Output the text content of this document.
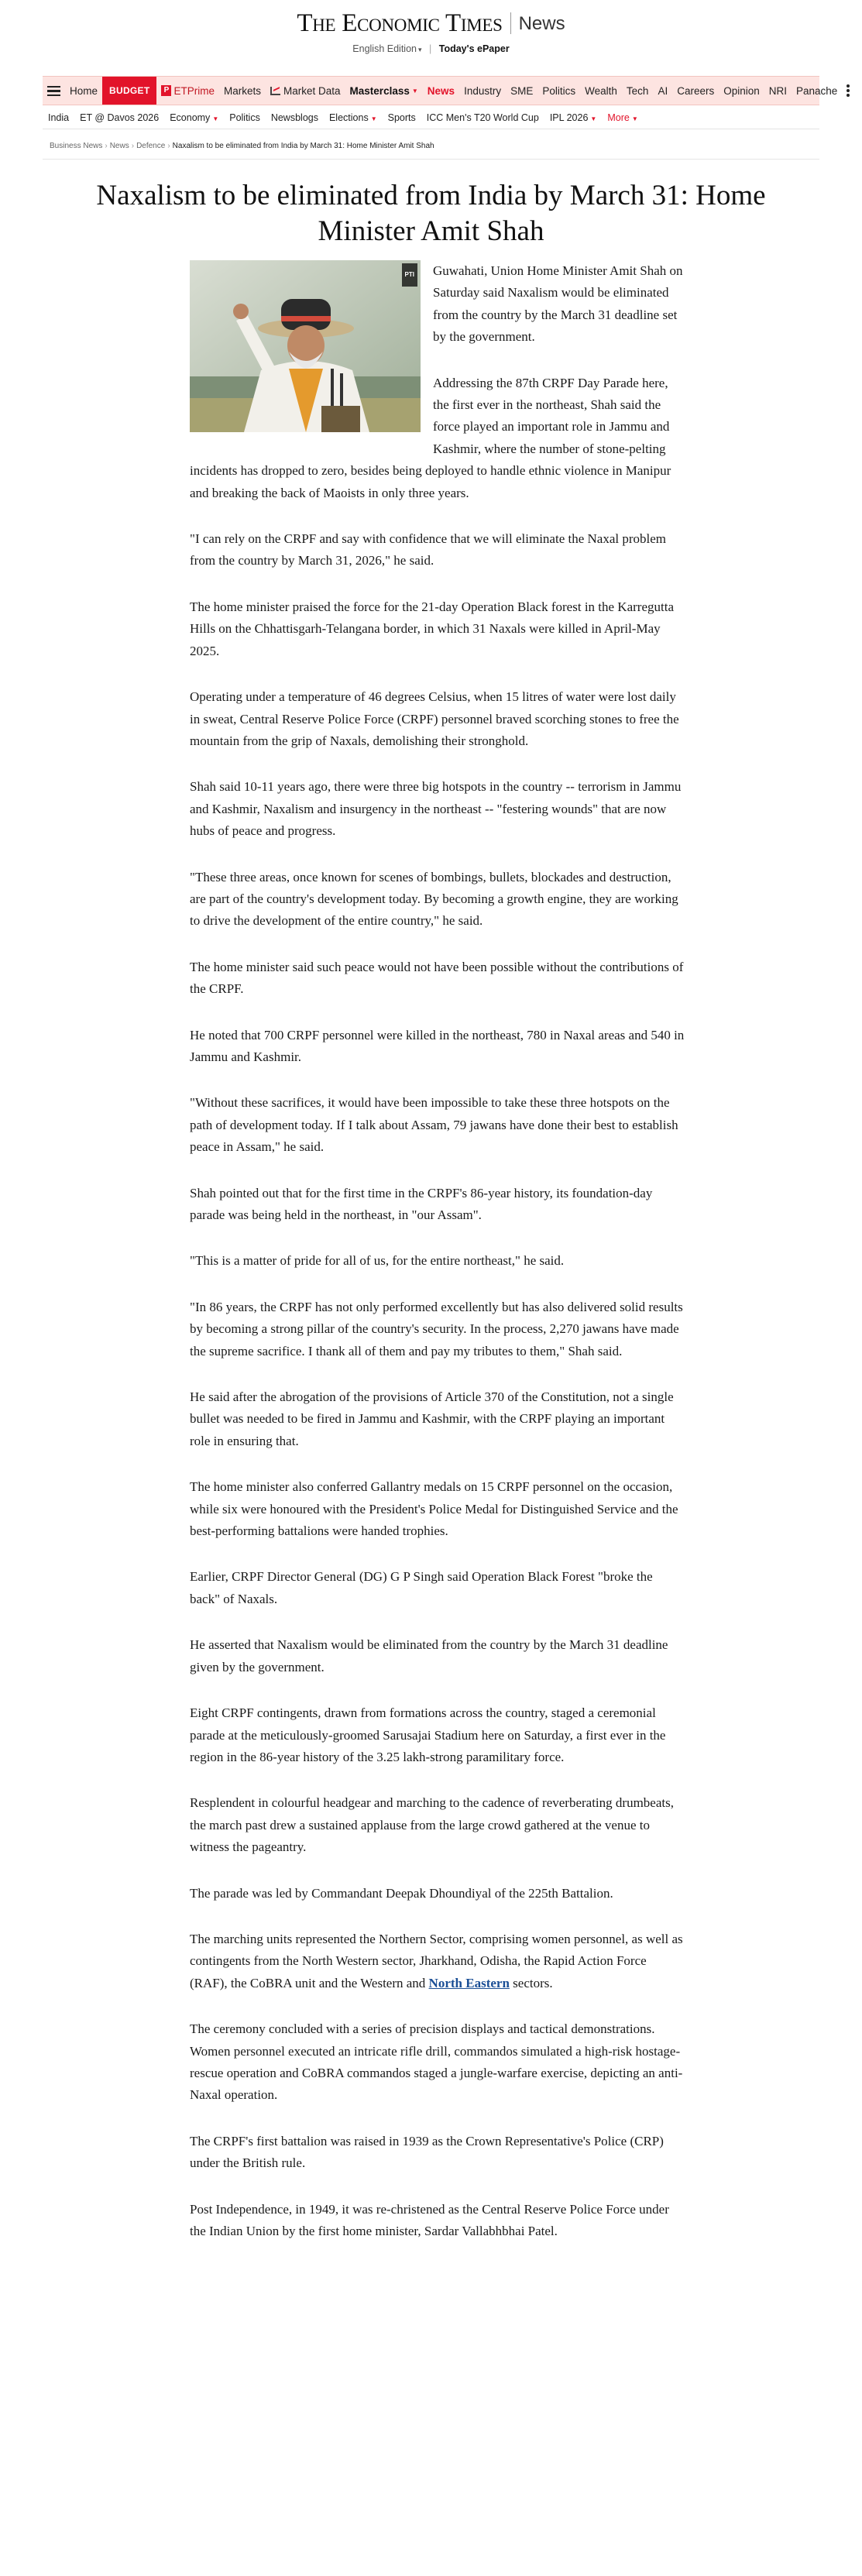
The Economic Times News
English Edition ▾ | Today's ePaper
Home	BUDGET	P ETPrime Markets	Market Data Masterclass ▼ News Industry SME Politics Wealth Tech AI Careers Opinion NRI Panache
India	ET @ Davos 2026	Economy ▼	Politics	Newsblogs	Elections ▼	Sports	ICC Men's T20 World Cup	IPL 2026 ▼	More ▼
Business News › News › Defence › Naxalism to be eliminated from India by March 31: Home Minister Amit Shah
Naxalism to be eliminated from India by March 31: Home Minister Amit Shah
PTI	Guwahati, Union Home Minister Amit Shah on Saturday said Naxalism would be eliminated from the country by the March 31 deadline set by the government.

Addressing the 87th CRPF Day Parade here, the first ever in the northeast, Shah said the force played an important role in Jammu and Kashmir, where the number of stone-pelting incidents has dropped to zero, besides being deployed to handle ethnic violence in Manipur and breaking the back of Maoists in only three years.

"I can rely on the CRPF and say with confidence that we will eliminate the Naxal problem from the country by March 31, 2026," he said.

The home minister praised the force for the 21-day Operation Black forest in the Karregutta Hills on the Chhattisgarh-Telangana border, in which 31 Naxals were killed in April-May 2025.

Operating under a temperature of 46 degrees Celsius, when 15 litres of water were lost daily in sweat, Central Reserve Police Force (CRPF) personnel braved scorching stones to free the mountain from the grip of Naxals, demolishing their stronghold.

Shah said 10-11 years ago, there were three big hotspots in the country -- terrorism in Jammu and Kashmir, Naxalism and insurgency in the northeast -- "festering wounds" that are now hubs of peace and progress.

"These three areas, once known for scenes of bombings, bullets, blockades and destruction, are part of the country's development today. By becoming a growth engine, they are working to drive the development of the entire country," he said.

The home minister said such peace would not have been possible without the contributions of the CRPF.

He noted that 700 CRPF personnel were killed in the northeast, 780 in Naxal areas and 540 in Jammu and Kashmir.

"Without these sacrifices, it would have been impossible to take these three hotspots on the path of development today. If I talk about Assam, 79 jawans have done their best to establish peace in Assam," he said.

Shah pointed out that for the first time in the CRPF's 86-year history, its foundation-day parade was being held in the northeast, in "our Assam".

"This is a matter of pride for all of us, for the entire northeast," he said.

"In 86 years, the CRPF has not only performed excellently but has also delivered solid results by becoming a strong pillar of the country's security. In the process, 2,270 jawans have made the supreme sacrifice. I thank all of them and pay my tributes to them," Shah said.

He said after the abrogation of the provisions of Article 370 of the Constitution, not a single bullet was needed to be fired in Jammu and Kashmir, with the CRPF playing an important role in ensuring that.

The home minister also conferred Gallantry medals on 15 CRPF personnel on the occasion, while six were honoured with the President's Police Medal for Distinguished Service and the best-performing battalions were handed trophies.

Earlier, CRPF Director General (DG) G P Singh said Operation Black Forest "broke the back" of Naxals.

He asserted that Naxalism would be eliminated from the country by the March 31 deadline given by the government.

Eight CRPF contingents, drawn from formations across the country, staged a ceremonial parade at the meticulously-groomed Sarusajai Stadium here on Saturday, a first ever in the region in the 86-year history of the 3.25 lakh-strong paramilitary force.

Resplendent in colourful headgear and marching to the cadence of reverberating drumbeats, the march past drew a sustained applause from the large crowd gathered at the venue to witness the pageantry.

The parade was led by Commandant Deepak Dhoundiyal of the 225th Battalion.

The marching units represented the Northern Sector, comprising women personnel, as well as contingents from the North Western sector, Jharkhand, Odisha, the Rapid Action Force (RAF), the CoBRA unit and the Western and North Eastern sectors.

The ceremony concluded with a series of precision displays and tactical demonstrations. Women personnel executed an intricate rifle drill, commandos simulated a high-risk hostage-rescue operation and CoBRA commandos staged a jungle-warfare exercise, depicting an anti-Naxal operation.

The CRPF's first battalion was raised in 1939 as the Crown Representative's Police (CRP) under the British rule.

Post Independence, in 1949, it was re-christened as the Central Reserve Police Force under the Indian Union by the first home minister, Sardar Vallabhbhai Patel.
